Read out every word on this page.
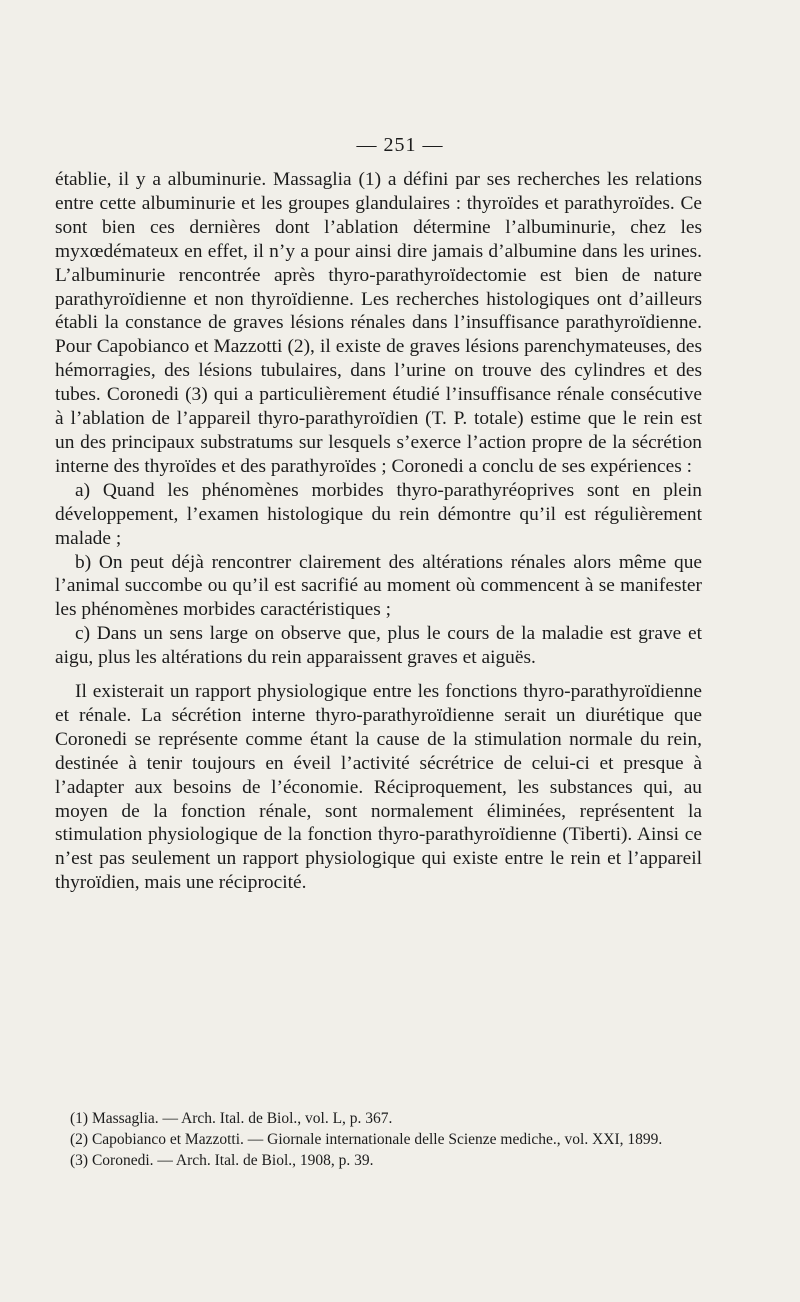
— 251 —

établie, il y a albuminurie. Massaglia (1) a défini par ses recherches les relations entre cette albuminurie et les groupes glandulaires : thyroïdes et parathyroïdes. Ce sont bien ces dernières dont l’ablation détermine l’albuminurie, chez les myxœdémateux en effet, il n’y a pour ainsi dire jamais d’albumine dans les urines. L’albuminurie rencontrée après thyro-parathyroïdectomie est bien de nature parathyroïdienne et non thyroïdienne. Les recherches histologiques ont d’ailleurs établi la constance de graves lésions rénales dans l’insuffisance parathyroïdienne. Pour Capobianco et Mazzotti (2), il existe de graves lésions parenchymateuses, des hémorragies, des lésions tubulaires, dans l’urine on trouve des cylindres et des tubes. Coronedi (3) qui a particulièrement étudié l’insuffisance rénale consécutive à l’ablation de l’appareil thyro-parathyroïdien (T. P. totale) estime que le rein est un des principaux substratums sur lesquels s’exerce l’action propre de la sécrétion interne des thyroïdes et des parathyroïdes ; Coronedi a conclu de ses expériences :

a) Quand les phénomènes morbides thyro-parathyréoprives sont en plein développement, l’examen histologique du rein démontre qu’il est régulièrement malade ;

b) On peut déjà rencontrer clairement des altérations rénales alors même que l’animal succombe ou qu’il est sacrifié au moment où commencent à se manifester les phénomènes morbides caractéristiques ;

c) Dans un sens large on observe que, plus le cours de la maladie est grave et aigu, plus les altérations du rein apparaissent graves et aiguës.

Il existerait un rapport physiologique entre les fonctions thyro-parathyroïdienne et rénale. La sécrétion interne thyro-parathyroïdienne serait un diurétique que Coronedi se représente comme étant la cause de la stimulation normale du rein, destinée à tenir toujours en éveil l’activité sécrétrice de celui-ci et presque à l’adapter aux besoins de l’économie. Réciproquement, les substances qui, au moyen de la fonction rénale, sont normalement éliminées, représentent la stimulation physiologique de la fonction thyro-parathyroïdienne (Tiberti). Ainsi ce n’est pas seulement un rapport physiologique qui existe entre le rein et l’appareil thyroïdien, mais une réciprocité.

(1) Massaglia. — Arch. Ital. de Biol., vol. L, p. 367.

(2) Capobianco et Mazzotti. — Giornale internationale delle Scienze mediche., vol. XXI, 1899.

(3) Coronedi. — Arch. Ital. de Biol., 1908, p. 39.
